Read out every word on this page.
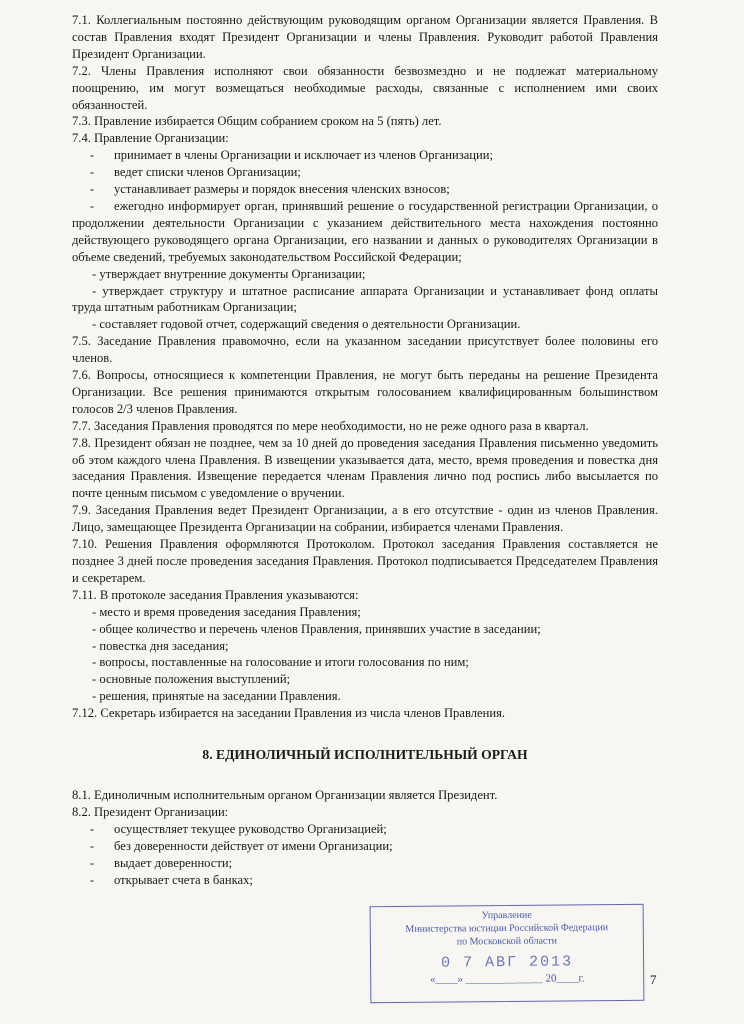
7.1. Коллегиальным постоянно действующим руководящим органом Организации является Правления. В состав Правления входят Президент Организации и члены Правления. Руководит работой Правления Президент Организации.

7.2. Члены Правления исполняют свои обязанности безвозмездно и не подлежат материальному поощрению, им могут возмещаться необходимые расходы, связанные с исполнением ими своих обязанностей.

7.3. Правление избирается Общим собранием сроком на 5 (пять) лет.

7.4. Правление Организации:

-	принимает в члены Организации и исключает из членов Организации;
-	ведет списки членов Организации;
-	устанавливает размеры и порядок внесения членских взносов;

- ежегодно информирует орган, принявший решение о государственной регистрации Организации, о продолжении деятельности Организации с указанием действительного места нахождения постоянно действующего руководящего органа Организации, его названии и данных о руководителях Организации в объеме сведений, требуемых законодательством Российской Федерации;

- утверждает внутренние документы Организации;

- утверждает структуру и штатное расписание аппарата Организации и устанавливает фонд оплаты труда штатным работникам Организации;

- составляет годовой отчет, содержащий сведения о деятельности Организации.

7.5. Заседание Правления правомочно, если на указанном заседании присутствует более половины его членов.

7.6. Вопросы, относящиеся к компетенции Правления, не могут быть переданы на решение Президента Организации. Все решения принимаются открытым голосованием квалифицированным большинством голосов 2/3 членов Правления.

7.7. Заседания Правления проводятся по мере необходимости, но не реже одного раза в квартал.

7.8. Президент обязан не позднее, чем за 10 дней до проведения заседания Правления письменно уведомить об этом каждого члена Правления. В извещении указывается дата, место, время проведения и повестка дня заседания Правления. Извещение передается членам Правления лично под роспись либо высылается по почте ценным письмом с уведомление о вручении.

7.9. Заседания Правления ведет Президент Организации, а в его отсутствие - один из членов Правления. Лицо, замещающее Президента Организации на собрании, избирается членами Правления.

7.10. Решения Правления оформляются Протоколом. Протокол заседания Правления составляется не позднее 3 дней после проведения заседания Правления. Протокол подписывается Председателем Правления и секретарем.

7.11. В протоколе заседания Правления указываются:

- место и время проведения заседания Правления;

- общее количество и перечень членов Правления, принявших участие в заседании;

- повестка дня заседания;

- вопросы, поставленные на голосование и итоги голосования по ним;

- основные положения выступлений;

- решения, принятые на заседании Правления.

7.12. Секретарь избирается на заседании Правления из числа членов Правления.

8. ЕДИНОЛИЧНЫЙ ИСПОЛНИТЕЛЬНЫЙ ОРГАН

8.1. Единоличным исполнительным органом Организации является Президент.

8.2. Президент Организации:

-	осуществляет текущее руководство Организацией;
-	без доверенности действует от имени Организации;
-	выдает доверенности;
-	открывает счета в банках;
Управление
Министерства юстиции Российской Федерации
по Московской области
0 7 АВГ 2013
«____» ______________ 20____г.	7
